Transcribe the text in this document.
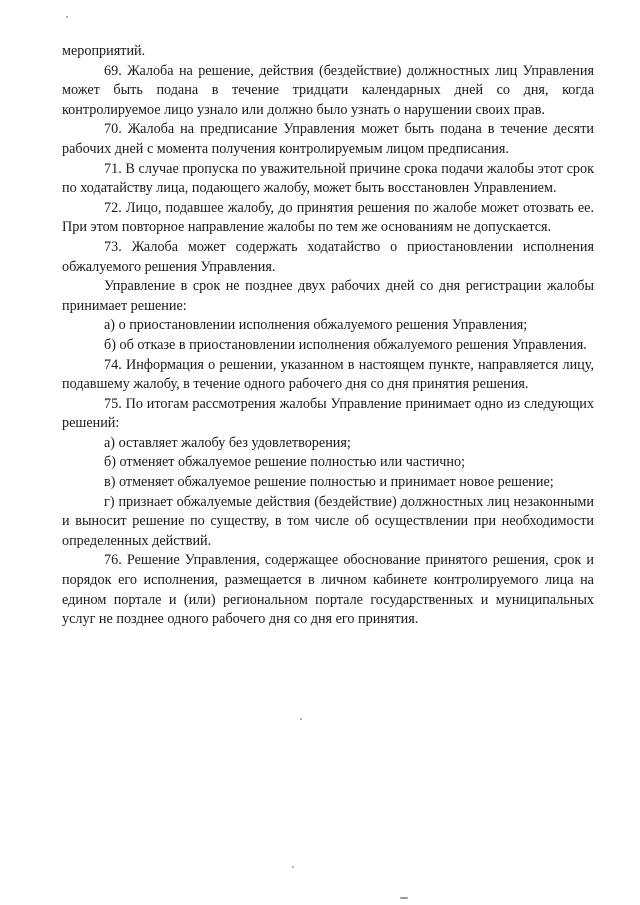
мероприятий.

69. Жалоба на решение, действия (бездействие) должностных лиц Управления может быть подана в течение тридцати календарных дней со дня, когда контролируемое лицо узнало или должно было узнать о нарушении своих прав.

70. Жалоба на предписание Управления может быть подана в течение десяти рабочих дней с момента получения контролируемым лицом предписания.

71. В случае пропуска по уважительной причине срока подачи жалобы этот срок по ходатайству лица, подающего жалобу, может быть восстановлен Управлением.

72. Лицо, подавшее жалобу, до принятия решения по жалобе может отозвать ее. При этом повторное направление жалобы по тем же основаниям не допускается.

73. Жалоба может содержать ходатайство о приостановлении исполнения обжалуемого решения Управления.

Управление в срок не позднее двух рабочих дней со дня регистрации жалобы принимает решение:

а) о приостановлении исполнения обжалуемого решения Управления;

б) об отказе в приостановлении исполнения обжалуемого решения Управления.

74. Информация о решении, указанном в настоящем пункте, направляется лицу, подавшему жалобу, в течение одного рабочего дня со дня принятия решения.

75. По итогам рассмотрения жалобы Управление принимает одно из следующих решений:

а) оставляет жалобу без удовлетворения;

б) отменяет обжалуемое решение полностью или частично;

в) отменяет обжалуемое решение полностью и принимает новое решение;

г) признает обжалуемые действия (бездействие) должностных лиц незаконными и выносит решение по существу, в том числе об осуществлении при необходимости определенных действий.

76. Решение Управления, содержащее обоснование принятого решения, срок и порядок его исполнения, размещается в личном кабинете контролируемого лица на едином портале и (или) региональном портале государственных и муниципальных услуг не позднее одного рабочего дня со дня его принятия.
